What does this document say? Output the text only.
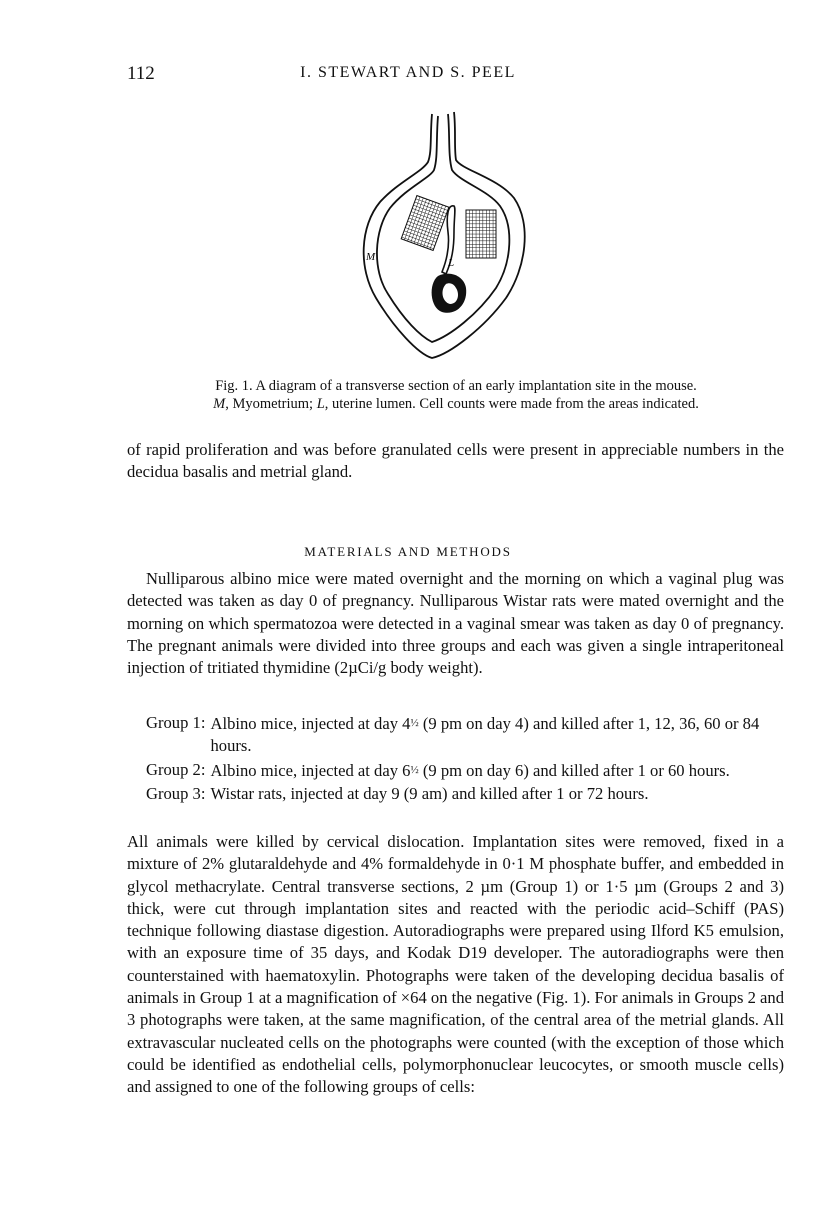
112	I. STEWART AND S. PEEL
M	L
Fig. 1. A diagram of a transverse section of an early implantation site in the mouse.
M, Myometrium; L, uterine lumen. Cell counts were made from the areas indicated.
of rapid proliferation and was before granulated cells were present in appreciable numbers in the decidua basalis and metrial gland.
MATERIALS AND METHODS
Nulliparous albino mice were mated overnight and the morning on which a vaginal plug was detected was taken as day 0 of pregnancy. Nulliparous Wistar rats were mated overnight and the morning on which spermatozoa were detected in a vaginal smear was taken as day 0 of pregnancy. The pregnant animals were divided into three groups and each was given a single intraperitoneal injection of tritiated thymidine (2µCi/g body weight).
Group 1: Albino mice, injected at day 4½ (9 pm on day 4) and killed after 1, 12, 36, 60 or 84 hours.
Group 2: Albino mice, injected at day 6½ (9 pm on day 6) and killed after 1 or 60 hours.
Group 3: Wistar rats, injected at day 9 (9 am) and killed after 1 or 72 hours.
All animals were killed by cervical dislocation. Implantation sites were removed, fixed in a mixture of 2% glutaraldehyde and 4% formaldehyde in 0·1 M phosphate buffer, and embedded in glycol methacrylate. Central transverse sections, 2 µm (Group 1) or 1·5 µm (Groups 2 and 3) thick, were cut through implantation sites and reacted with the periodic acid–Schiff (PAS) technique following diastase digestion. Autoradiographs were prepared using Ilford K5 emulsion, with an exposure time of 35 days, and Kodak D19 developer. The autoradiographs were then counterstained with haematoxylin. Photographs were taken of the developing decidua basalis of animals in Group 1 at a magnification of ×64 on the negative (Fig. 1). For animals in Groups 2 and 3 photographs were taken, at the same magnification, of the central area of the metrial glands. All extravascular nucleated cells on the photographs were counted (with the exception of those which could be identified as endothelial cells, polymorphonuclear leucocytes, or smooth muscle cells) and assigned to one of the following groups of cells:
